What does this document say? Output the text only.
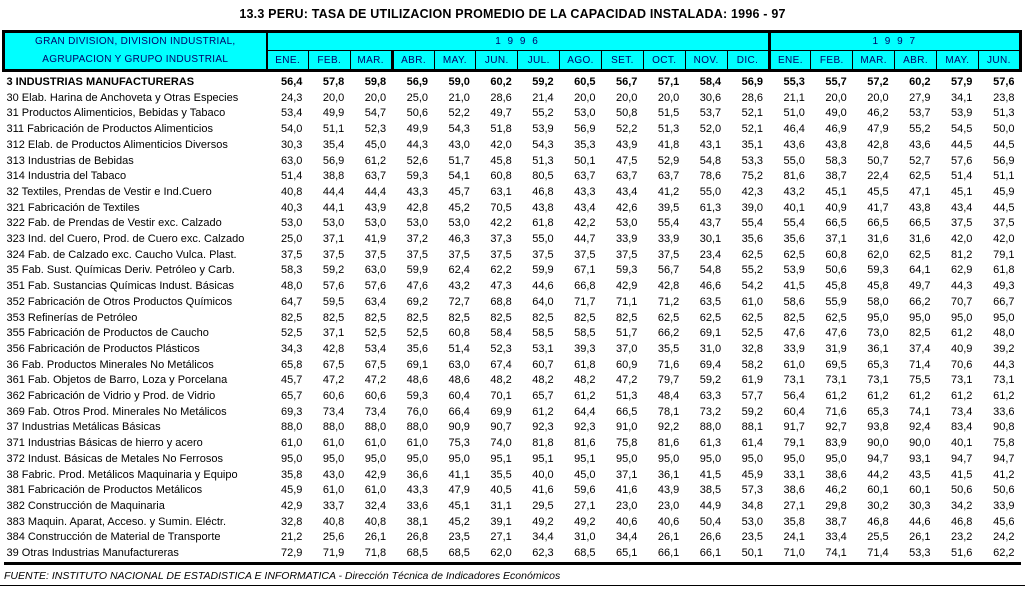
13.3 PERU: TASA DE UTILIZACION PROMEDIO DE LA CAPACIDAD INSTALADA: 1996 - 97
GRAN DIVISION, DIVISION INDUSTRIAL,
AGRUPACION Y GRUPO INDUSTRIAL	1 9 9 6												1 9 9 7					
	ENE.	FEB.	MAR.	ABR.	MAY.	JUN.	JUL.	AGO.	SET.	OCT.	NOV.	DIC.	ENE.	FEB.	MAR.	ABR.	MAY.	JUN.
3 INDUSTRIAS MANUFACTURERAS	56,4	57,8	59,8	56,9	59,0	60,2	59,2	60,5	56,7	57,1	58,4	56,9	55,3	55,7	57,2	60,2	57,9	57,6
30 Elab. Harina de Anchoveta y Otras Especies	24,3	20,0	20,0	25,0	21,0	28,6	21,4	20,0	20,0	20,0	30,6	28,6	21,1	20,0	20,0	27,9	34,1	23,8
31 Productos Alimenticios, Bebidas y Tabaco	53,4	49,9	54,7	50,6	52,2	49,7	55,2	53,0	50,8	51,5	53,7	52,1	51,0	49,0	46,2	53,7	53,9	51,3
311 Fabricación de Productos Alimenticios	54,0	51,1	52,3	49,9	54,3	51,8	53,9	56,9	52,2	51,3	52,0	52,1	46,4	46,9	47,9	55,2	54,5	50,0
312 Elab. de Productos Alimenticios Diversos	30,3	35,4	45,0	44,3	43,0	42,0	54,3	35,3	43,9	41,8	43,1	35,1	43,6	43,8	42,8	43,6	44,5	44,5
313 Industrias de Bebidas	63,0	56,9	61,2	52,6	51,7	45,8	51,3	50,1	47,5	52,9	54,8	53,3	55,0	58,3	50,7	52,7	57,6	56,9
314 Industria del Tabaco	51,4	38,8	63,7	59,3	54,1	60,8	80,5	63,7	63,7	63,7	78,6	75,2	81,6	38,7	22,4	62,5	51,4	51,1
32 Textiles, Prendas de Vestir e Ind.Cuero	40,8	44,4	44,4	43,3	45,7	63,1	46,8	43,3	43,4	41,2	55,0	42,3	43,2	45,1	45,5	47,1	45,1	45,9
321 Fabricación de Textiles	40,3	44,1	43,9	42,8	45,2	70,5	43,8	43,4	42,6	39,5	61,3	39,0	40,1	40,9	41,7	43,8	43,4	44,5
322 Fab. de Prendas de Vestir exc. Calzado	53,0	53,0	53,0	53,0	53,0	42,2	61,8	42,2	53,0	55,4	43,7	55,4	55,4	66,5	66,5	66,5	37,5	37,5
323 Ind. del Cuero, Prod. de Cuero exc. Calzado	25,0	37,1	41,9	37,2	46,3	37,3	55,0	44,7	33,9	33,9	30,1	35,6	35,6	37,1	31,6	31,6	42,0	42,0
324 Fab. de Calzado exc. Caucho Vulca. Plast.	37,5	37,5	37,5	37,5	37,5	37,5	37,5	37,5	37,5	37,5	23,4	62,5	62,5	60,8	62,0	62,5	81,2	79,1
35 Fab. Sust. Químicas Deriv. Petróleo y Carb.	58,3	59,2	63,0	59,9	62,4	62,2	59,9	67,1	59,3	56,7	54,8	55,2	53,9	50,6	59,3	64,1	62,9	61,8
351 Fab. Sustancias Químicas Indust. Básicas	48,0	57,6	57,6	47,6	43,2	47,3	44,6	66,8	42,9	42,8	46,6	54,2	41,5	45,8	45,8	49,7	44,3	49,3
352 Fabricación de Otros Productos Químicos	64,7	59,5	63,4	69,2	72,7	68,8	64,0	71,7	71,1	71,2	63,5	61,0	58,6	55,9	58,0	66,2	70,7	66,7
353 Refinerías de Petróleo	82,5	82,5	82,5	82,5	82,5	82,5	82,5	82,5	82,5	62,5	62,5	62,5	82,5	62,5	95,0	95,0	95,0	95,0
355 Fabricación de Productos de Caucho	52,5	37,1	52,5	52,5	60,8	58,4	58,5	58,5	51,7	66,2	69,1	52,5	47,6	47,6	73,0	82,5	61,2	48,0
356 Fabricación de Productos Plásticos	34,3	42,8	53,4	35,6	51,4	52,3	53,1	39,3	37,0	35,5	31,0	32,8	33,9	31,9	36,1	37,4	40,9	39,2
36 Fab. Productos Minerales No Metálicos	65,8	67,5	67,5	69,1	63,0	67,4	60,7	61,8	60,9	71,6	69,4	58,2	61,0	69,5	65,3	71,4	70,6	44,3
361 Fab. Objetos de Barro, Loza y Porcelana	45,7	47,2	47,2	48,6	48,6	48,2	48,2	48,2	47,2	79,7	59,2	61,9	73,1	73,1	73,1	75,5	73,1	73,1
362 Fabricación de Vidrio y Prod. de Vidrio	65,7	60,6	60,6	59,3	60,4	70,1	65,7	61,2	51,3	48,4	63,3	57,7	56,4	61,2	61,2	61,2	61,2	61,2
369 Fab. Otros Prod. Minerales No Metálicos	69,3	73,4	73,4	76,0	66,4	69,9	61,2	64,4	66,5	78,1	73,2	59,2	60,4	71,6	65,3	74,1	73,4	33,6
37 Industrias Metálicas Básicas	88,0	88,0	88,0	88,0	90,9	90,7	92,3	92,3	91,0	92,2	88,0	88,1	91,7	92,7	93,8	92,4	83,4	90,8
371 Industrias Básicas de hierro y acero	61,0	61,0	61,0	61,0	75,3	74,0	81,8	81,6	75,8	81,6	61,3	61,4	79,1	83,9	90,0	90,0	40,1	75,8
372 Indust. Básicas de Metales No Ferrosos	95,0	95,0	95,0	95,0	95,0	95,1	95,1	95,1	95,0	95,0	95,0	95,0	95,0	95,0	94,7	93,1	94,7	94,7
38 Fabric. Prod. Metálicos Maquinaria y Equipo	35,8	43,0	42,9	36,6	41,1	35,5	40,0	45,0	37,1	36,1	41,5	45,9	33,1	38,6	44,2	43,5	41,5	41,2
381 Fabricación de Productos Metálicos	45,9	61,0	61,0	43,3	47,9	40,5	41,6	59,6	41,6	43,9	38,5	57,3	38,6	46,2	60,1	60,1	50,6	50,6
382 Construcción de Maquinaria	42,9	33,7	32,4	33,6	45,1	31,1	29,5	27,1	23,0	23,0	44,9	34,8	27,1	29,8	30,2	30,3	34,2	33,9
383 Maquin. Aparat, Acceso. y Sumin. Eléctr.	32,8	40,8	40,8	38,1	45,2	39,1	49,2	49,2	40,6	40,6	50,4	53,0	35,8	38,7	46,8	44,6	46,8	45,6
384 Construcción de Material de Transporte	21,2	25,6	26,1	26,8	23,5	27,1	34,4	31,0	34,4	26,1	26,6	23,5	24,1	33,4	25,5	26,1	23,2	24,2
39 Otras Industrias Manufactureras	72,9	71,9	71,8	68,5	68,5	62,0	62,3	68,5	65,1	66,1	66,1	50,1	71,0	74,1	71,4	53,3	51,6	62,2
FUENTE: INSTITUTO NACIONAL DE ESTADISTICA E INFORMATICA - Dirección Técnica de Indicadores Económicos
